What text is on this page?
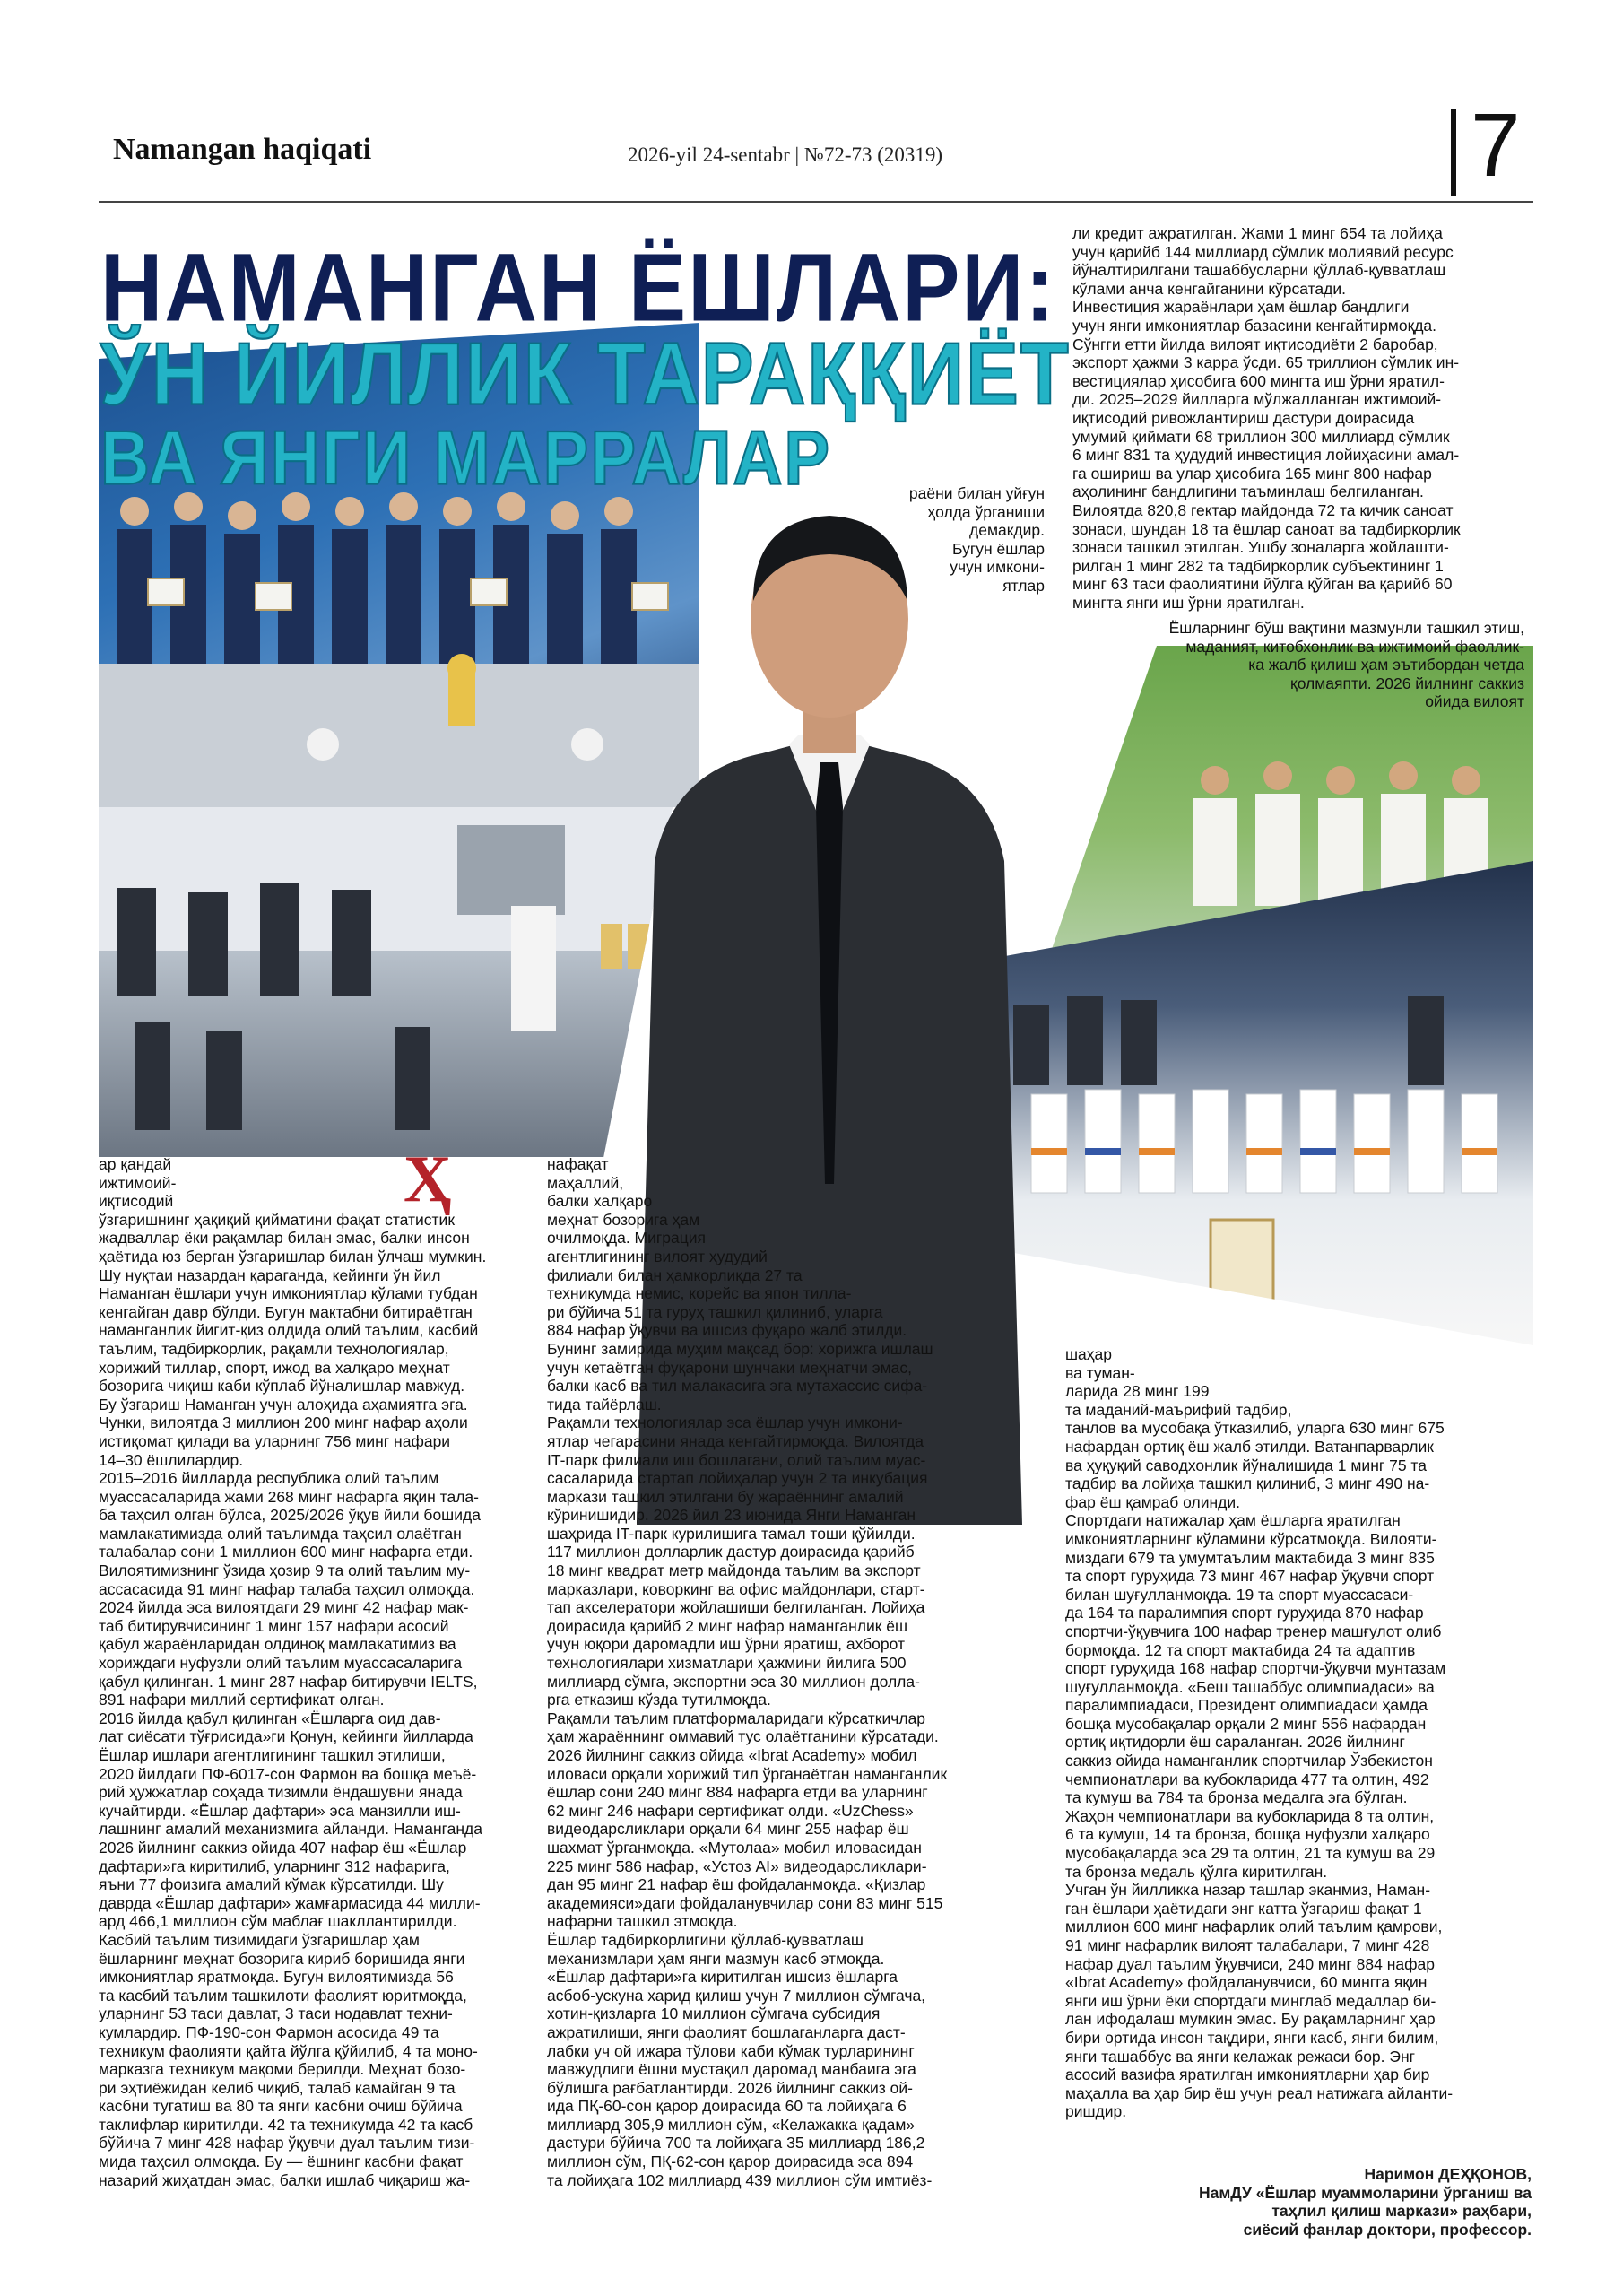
Namangan haqiqati	2026-yil 24-sentabr | №72-73 (20319)	7
НАМАНГАН ЁШЛАРИ:
ЎН ЙИЛЛИК ТАРАҚҚИЁТ
ВА ЯНГИ МАРРАЛАР
ли кредит ажратилган. Жами 1 минг 654 та лойиҳа
учун қарийб 144 миллиард сўмлик молиявий ресурс
йўналтирилгани ташаббусларни қўллаб-қувватлаш
кўлами анча кенгайганини кўрсатади.
Инвестиция жараёнлари ҳам ёшлар бандлиги
учун янги имкониятлар базасини кенгайтирмоқда.
Сўнгги етти йилда вилоят иқтисодиёти 2 баробар,
экспорт ҳажми 3 карра ўсди. 65 триллион сўмлик ин-
вестициялар ҳисобига 600 мингта иш ўрни яратил-
ди. 2025–2029 йилларга мўлжалланган ижтимоий-
иқтисодий ривожлантириш дастури доирасида
умумий қиймати 68 триллион 300 миллиард сўмлик
6 минг 831 та ҳудудий инвестиция лойиҳасини амал-
га ошириш ва улар ҳисобига 165 минг 800 нафар
аҳолининг бандлигини таъминлаш белгиланган.
Вилоятда 820,8 гектар майдонда 72 та кичик саноат
зонаси, шундан 18 та ёшлар саноат ва тадбиркорлик
зонаси ташкил этилган. Ушбу зоналарга жойлашти-
рилган 1 минг 282 та тадбиркорлик субъектининг 1
минг 63 таси фаолиятини йўлга қўйган ва қарийб 60
мингта янги иш ўрни яратилган.
раёни билан уйғун
ҳолда ўрганиши
демакдир.
Бугун ёшлар
учун имкони-
ятлар
Ёшларнинг бўш вақтини мазмунли ташкил этиш,
маданият, китобхонлик ва ижтимоий фаоллик-
ка жалб қилиш ҳам эътибордан четда
қолмаяпти. 2026 йилнинг саккиз
ойида вилоят
Ҳ
ар қандай
ижтимоий-
иқтисодий
ўзгаришнинг ҳақиқий қийматини фақат статистик
жадваллар ёки рақамлар билан эмас, балки инсон
ҳаётида юз берган ўзгаришлар билан ўлчаш мумкин.
Шу нуқтаи назардан қараганда, кейинги ўн йил
Наманган ёшлари учун имкониятлар кўлами тубдан
кенгайган давр бўлди. Бугун мактабни битираётган
наманганлик йигит-қиз олдида олий таълим, касбий
таълим, тадбиркорлик, рақамли технологиялар,
хорижий тиллар, спорт, ижод ва халқаро меҳнат
бозорига чиқиш каби кўплаб йўналишлар мавжуд.
Бу ўзгариш Наманган учун алоҳида аҳамиятга эга.
Чунки, вилоятда 3 миллион 200 минг нафар аҳоли
истиқомат қилади ва уларнинг 756 минг нафари
14–30 ёшлилардир.
2015–2016 йилларда республика олий таълим
муассасаларида жами 268 минг нафарга яқин тала-
ба таҳсил олган бўлса, 2025/2026 ўқув йили бошида
мамлакатимизда олий таълимда таҳсил олаётган
талабалар сони 1 миллион 600 минг нафарга етди.
Вилоятимизнинг ўзида ҳозир 9 та олий таълим му-
ассасасида 91 минг нафар талаба таҳсил олмоқда.
2024 йилда эса вилоятдаги 29 минг 42 нафар мак-
таб битирувчисининг 1 минг 157 нафари асосий
қабул жараёнларидан олдиноқ мамлакатимиз ва
хориждаги нуфузли олий таълим муассасаларига
қабул қилинган. 1 минг 287 нафар битирувчи IELTS,
891 нафари миллий сертификат олган.
2016 йилда қабул қилинган «Ёшларга оид дав-
лат сиёсати тўғрисида»ги Қонун, кейинги йилларда
Ёшлар ишлари агентлигининг ташкил этилиши,
2020 йилдаги ПФ-6017-сон Фармон ва бошқа меъё-
рий ҳужжатлар соҳада тизимли ёндашувни янада
кучайтирди. «Ёшлар дафтари» эса манзилли иш-
лашнинг амалий механизмига айланди. Наманганда
2026 йилнинг саккиз ойида 407 нафар ёш «Ёшлар
дафтари»га киритилиб, уларнинг 312 нафарига,
яъни 77 фоизига амалий кўмак кўрсатилди. Шу
даврда «Ёшлар дафтари» жамғармасида 44 милли-
ард 466,1 миллион сўм маблағ шакллантирилди.
Касбий таълим тизимидаги ўзгаришлар ҳам
ёшларнинг меҳнат бозорига кириб боришида янги
имкониятлар яратмоқда. Бугун вилоятимизда 56
та касбий таълим ташкилоти фаолият юритмоқда,
уларнинг 53 таси давлат, 3 таси нодавлат техни-
кумлардир. ПФ-190-сон Фармон асосида 49 та
техникум фаолияти қайта йўлга қўйилиб, 4 та моно-
марказга техникум мақоми берилди. Меҳнат бозо-
ри эҳтиёжидан келиб чиқиб, талаб камайган 9 та
касбни тугатиш ва 80 та янги касбни очиш бўйича
таклифлар киритилди. 42 та техникумда 42 та касб
бўйича 7 минг 428 нафар ўқувчи дуал таълим тизи-
мида таҳсил олмоқда. Бу — ёшнинг касбни фақат
назарий жиҳатдан эмас, балки ишлаб чиқариш жа-
нафақат
маҳаллий,
балки халқаро
меҳнат бозорига ҳам
очилмоқда. Миграция
агентлигининг вилоят ҳудудий
филиали билан ҳамкорликда 27 та
техникумда немис, корейс ва япон тилла-
ри бўйича 51 та гуруҳ ташкил қилиниб, уларга
884 нафар ўқувчи ва ишсиз фуқаро жалб этилди.
Бунинг замирида муҳим мақсад бор: хорижга ишлаш
учун кетаётган фуқарони шунчаки меҳнатчи эмас,
балки касб ва тил малакасига эга мутахассис сифа-
тида тайёрлаш.
Рақамли технологиялар эса ёшлар учун имкони-
ятлар чегарасини янада кенгайтирмоқда. Вилоятда
IT-парк филиали иш бошлагани, олий таълим муас-
сасаларида стартап лойиҳалар учун 2 та инкубация
маркази ташкил этилгани бу жараённинг амалий
кўринишидир. 2026 йил 23 июнида Янги Наманган
шаҳрида IT-парк курилишига тамал тоши қўйилди.
117 миллион долларлик дастур доирасида қарийб
18 минг квадрат метр майдонда таълим ва экспорт
марказлари, коворкинг ва офис майдонлари, старт-
тап акселератори жойлашиши белгиланган. Лойиҳа
доирасида қарийб 2 минг нафар наманганлик ёш
учун юқори даромадли иш ўрни яратиш, ахборот
технологиялари хизматлари ҳажмини йилига 500
миллиард сўмга, экспортни эса 30 миллион долла-
рга етказиш кўзда тутилмоқда.
Рақамли таълим платформаларидаги кўрсаткичлар
ҳам жараённинг оммавий тус олаётганини кўрсатади.
2026 йилнинг саккиз ойида «Ibrat Academy» мобил
иловаси орқали хорижий тил ўрганаётган наманганлик
ёшлар сони 240 минг 884 нафарга етди ва уларнинг
62 минг 246 нафари сертификат олди. «UzChess»
видеодарсликлари орқали 64 минг 255 нафар ёш
шахмат ўрганмоқда. «Мутолаа» мобил иловасидан
225 минг 586 нафар, «Устоз AI» видеодарсликлари-
дан 95 минг 21 нафар ёш фойдаланмоқда. «Қизлар
академияси»даги фойдаланувчилар сони 83 минг 515
нафарни ташкил этмоқда.
Ёшлар тадбиркорлигини қўллаб-қувватлаш
механизмлари ҳам янги мазмун касб этмоқда.
«Ёшлар дафтари»га киритилган ишсиз ёшларга
асбоб-ускуна харид қилиш учун 7 миллион сўмгача,
хотин-қизларга 10 миллион сўмгача субсидия
ажратилиши, янги фаолият бошлаганларга даст-
лабки уч ой ижара тўлови каби кўмак турларининг
мавжудлиги ёшни мустақил даромад манбаига эга
бўлишга рағбатлантирди. 2026 йилнинг саккиз ой-
ида ПҚ-60-сон қарор доирасида 60 та лойиҳага 6
миллиард 305,9 миллион сўм, «Келажакка қадам»
дастури бўйича 700 та лойиҳага 35 миллиард 186,2
миллион сўм, ПҚ-62-сон қарор доирасида эса 894
та лойиҳага 102 миллиард 439 миллион сўм имтиёз-
шаҳар
ва туман-
ларида 28 минг 199
та маданий-маърифий тадбир,
танлов ва мусобақа ўтказилиб, уларга 630 минг 675
нафардан ортиқ ёш жалб этилди. Ватанпарварлик
ва ҳуқуқий саводхонлик йўналишида 1 минг 75 та
тадбир ва лойиҳа ташкил қилиниб, 3 минг 490 на-
фар ёш қамраб олинди.
Спортдаги натижалар ҳам ёшларга яратилган
имкониятларнинг кўламини кўрсатмоқда. Вилояти-
миздаги 679 та умумтаълим мактабида 3 минг 835
та спорт гуруҳида 73 минг 467 нафар ўқувчи спорт
билан шуғулланмоқда. 19 та спорт муассасаси-
да 164 та паралимпия спорт гуруҳида 870 нафар
спортчи-ўқувчига 100 нафар тренер машғулот олиб
бормоқда. 12 та спорт мактабида 24 та адаптив
спорт гуруҳида 168 нафар спортчи-ўқувчи мунтазам
шуғулланмоқда. «Беш ташаббус олимпиадаси» ва
паралимпиадаси, Президент олимпиадаси ҳамда
бошқа мусобақалар орқали 2 минг 556 нафардан
ортиқ иқтидорли ёш сараланган. 2026 йилнинг
саккиз ойида наманганлик спортчилар Ўзбекистон
чемпионатлари ва кубокларида 477 та олтин, 492
та кумуш ва 784 та бронза медалга эга бўлган.
Жаҳон чемпионатлари ва кубокларида 8 та олтин,
6 та кумуш, 14 та бронза, бошқа нуфузли халқаро
мусобақаларда эса 29 та олтин, 21 та кумуш ва 29
та бронза медаль қўлга киритилган.
Учган ўн йилликка назар ташлар эканмиз, Наман-
ган ёшлари ҳаётидаги энг катта ўзгариш фақат 1
миллион 600 минг нафарлик олий таълим қамрови,
91 минг нафарлик вилоят талабалари, 7 минг 428
нафар дуал таълим ўқувчиси, 240 минг 884 нафар
«Ibrat Academy» фойдаланувчиси, 60 мингга яқин
янги иш ўрни ёки спортдаги минглаб медаллар би-
лан ифодалаш мумкин эмас. Бу рақамларнинг ҳар
бири ортида инсон тақдири, янги касб, янги билим,
янги ташаббус ва янги келажак режаси бор. Энг
асосий вазифа яратилган имкониятларни ҳар бир
маҳалла ва ҳар бир ёш учун реал натижага айланти-
ришдир.
Наримон ДЕҲҚОНОВ,
НамДУ «Ёшлар муаммоларини ўрганиш ва
таҳлил қилиш маркази» раҳбари,
сиёсий фанлар доктори, профессор.
